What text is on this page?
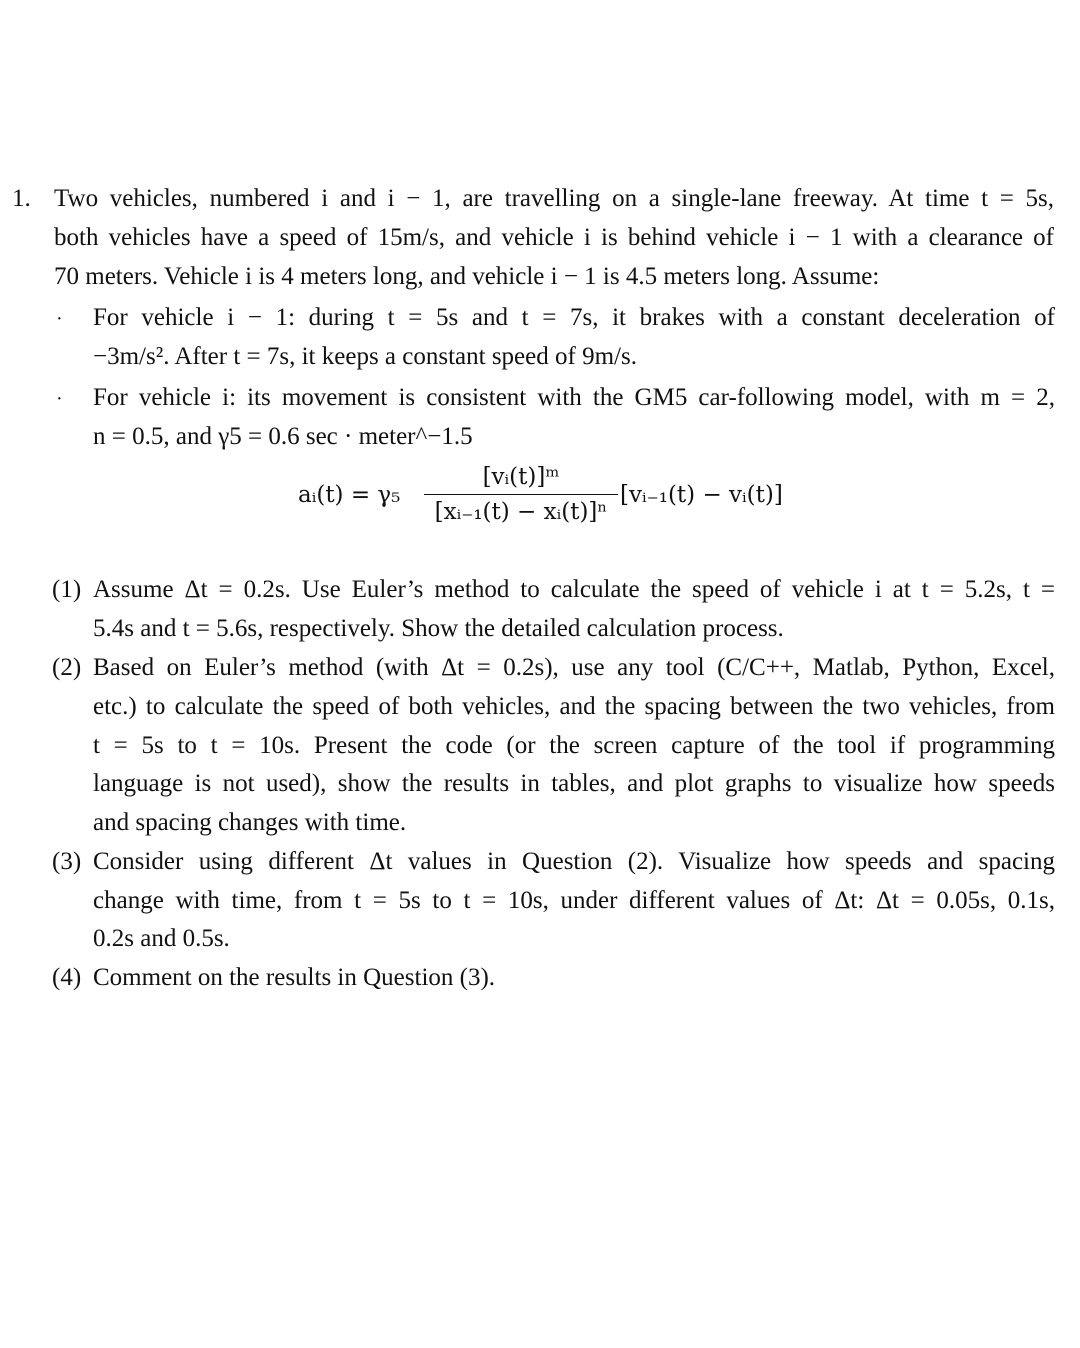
1. Two vehicles, numbered i and i − 1, are travelling on a single-lane freeway. At time t = 5s,
both vehicles have a speed of 15m/s, and vehicle i is behind vehicle i − 1 with a clearance of
70 meters. Vehicle i is 4 meters long, and vehicle i − 1 is 4.5 meters long. Assume:
· For vehicle i − 1: during t = 5s and t = 7s, it brakes with a constant deceleration of
−3m/s². After t = 7s, it keeps a constant speed of 9m/s.
· For vehicle i: its movement is consistent with the GM5 car-following model, with m = 2,
n = 0.5, and γ5 = 0.6 sec · meter^−1.5
aᵢ(t) = γ₅
[vᵢ(t)]ᵐ
[xᵢ₋₁(t) − xᵢ(t)]ⁿ
[vᵢ₋₁(t) − vᵢ(t)]
(1) Assume Δt = 0.2s. Use Euler’s method to calculate the speed of vehicle i at t = 5.2s, t =
5.4s and t = 5.6s, respectively. Show the detailed calculation process.
(2) Based on Euler’s method (with Δt = 0.2s), use any tool (C/C++, Matlab, Python, Excel,
etc.) to calculate the speed of both vehicles, and the spacing between the two vehicles, from
t = 5s to t = 10s. Present the code (or the screen capture of the tool if programming
language is not used), show the results in tables, and plot graphs to visualize how speeds
and spacing changes with time.
(3) Consider using different Δt values in Question (2). Visualize how speeds and spacing
change with time, from t = 5s to t = 10s, under different values of Δt: Δt = 0.05s, 0.1s,
0.2s and 0.5s.
(4) Comment on the results in Question (3).
